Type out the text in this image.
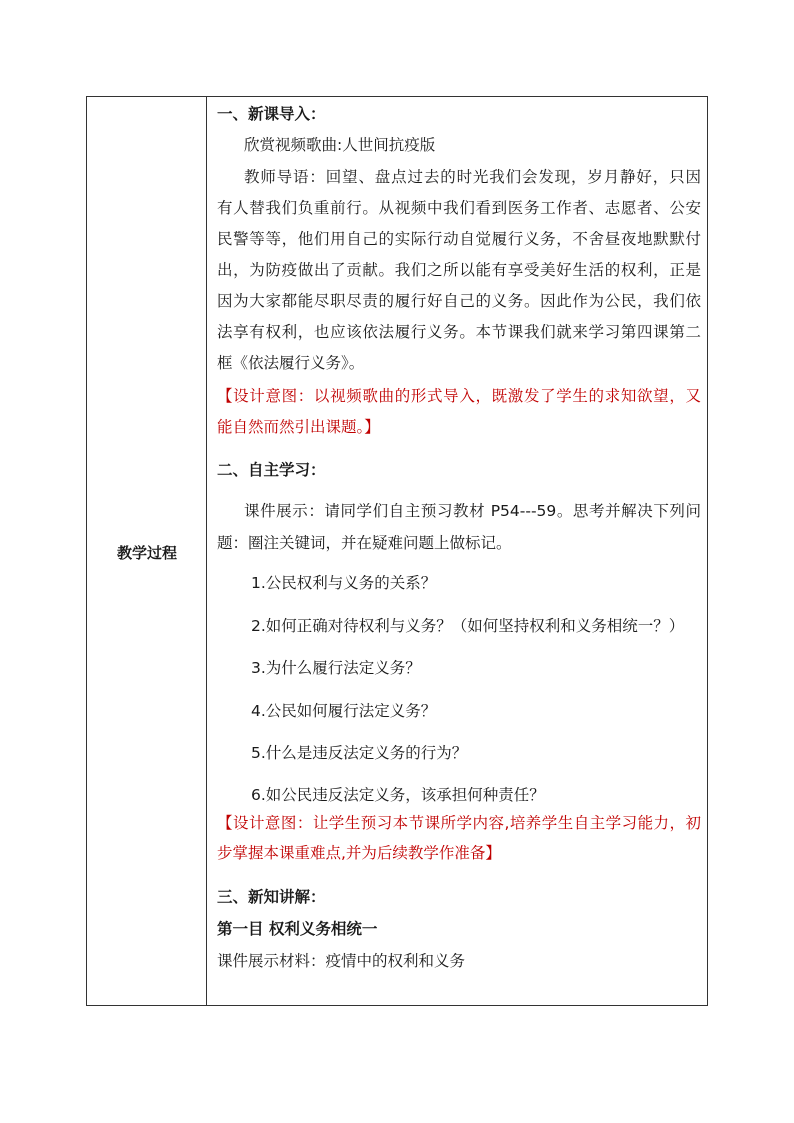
教学过程
一、新课导入：
欣赏视频歌曲:人世间抗疫版
教师导语：回望、盘点过去的时光我们会发现，岁月静好，只因
有人替我们负重前行。从视频中我们看到医务工作者、志愿者、公安
民警等等，他们用自己的实际行动自觉履行义务，不舍昼夜地默默付
出，为防疫做出了贡献。我们之所以能有享受美好生活的权利，正是
因为大家都能尽职尽责的履行好自己的义务。因此作为公民，我们依
法享有权利，也应该依法履行义务。本节课我们就来学习第四课第二
框《依法履行义务》。
【设计意图：以视频歌曲的形式导入，既激发了学生的求知欲望，又
能自然而然引出课题。】
二、自主学习：
课件展示：请同学们自主预习教材 P54---59。思考并解决下列问
题：圈注关键词，并在疑难问题上做标记。
1.公民权利与义务的关系？
2.如何正确对待权利与义务？（如何坚持权利和义务相统一？）
3.为什么履行法定义务？
4.公民如何履行法定义务？
5.什么是违反法定义务的行为？
6.如公民违反法定义务，该承担何种责任？
【设计意图：让学生预习本节课所学内容,培养学生自主学习能力，初
步掌握本课重难点,并为后续教学作准备】
三、新知讲解：
第一目 权利义务相统一
课件展示材料：疫情中的权利和义务
